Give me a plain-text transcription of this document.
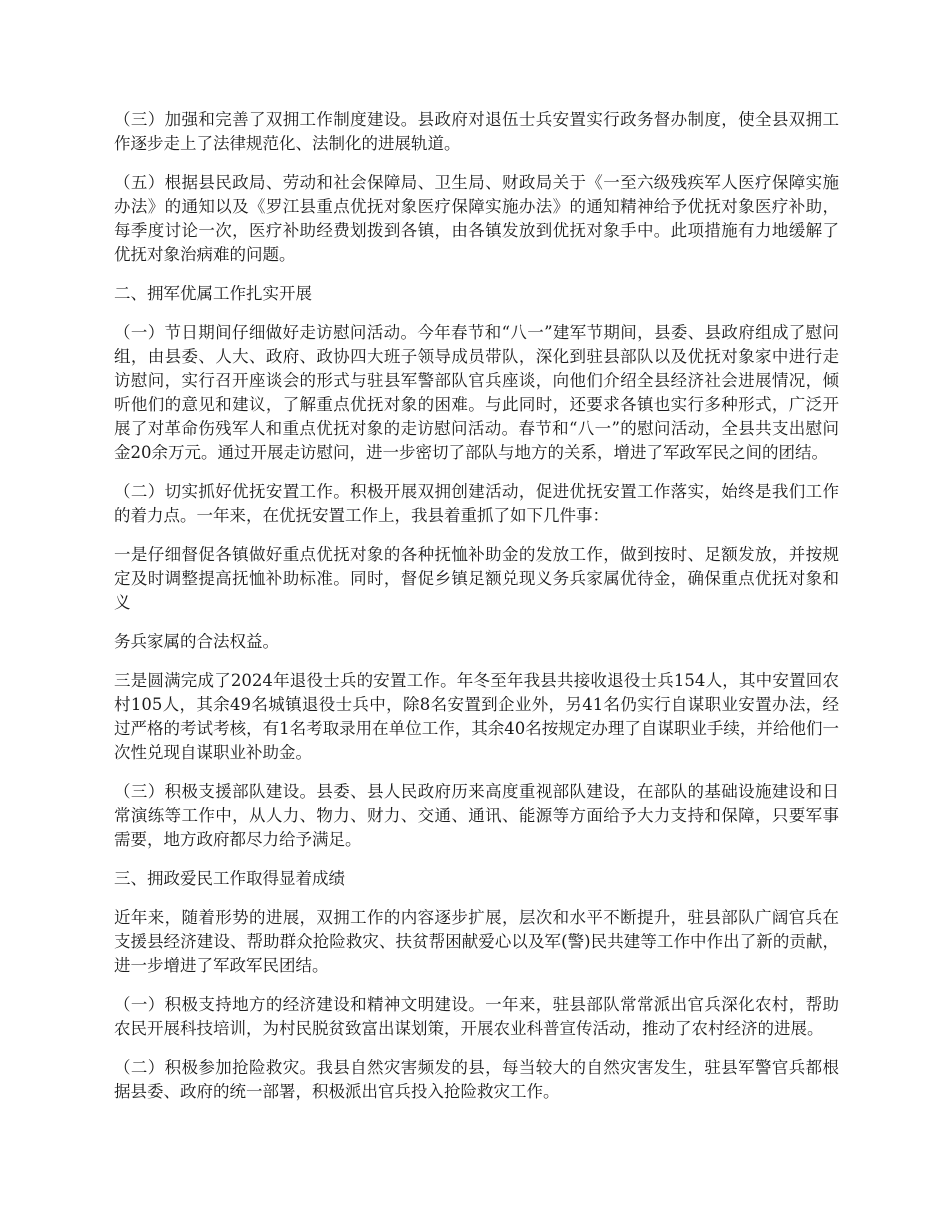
（三）加强和完善了双拥工作制度建设。县政府对退伍士兵安置实行政务督办制度，使全县双拥工作逐步走上了法律规范化、法制化的进展轨道。

（五）根据县民政局、劳动和社会保障局、卫生局、财政局关于《一至六级残疾军人医疗保障实施办法》的通知以及《罗江县重点优抚对象医疗保障实施办法》的通知精神给予优抚对象医疗补助，每季度讨论一次，医疗补助经费划拨到各镇，由各镇发放到优抚对象手中。此项措施有力地缓解了优抚对象治病难的问题。

二、拥军优属工作扎实开展

（一）节日期间仔细做好走访慰问活动。今年春节和“八一”建军节期间，县委、县政府组成了慰问组，由县委、人大、政府、政协四大班子领导成员带队，深化到驻县部队以及优抚对象家中进行走访慰问，实行召开座谈会的形式与驻县军警部队官兵座谈，向他们介绍全县经济社会进展情况，倾听他们的意见和建议，了解重点优抚对象的困难。与此同时，还要求各镇也实行多种形式，广泛开展了对革命伤残军人和重点优抚对象的走访慰问活动。春节和“八一”的慰问活动，全县共支出慰问金20余万元。通过开展走访慰问，进一步密切了部队与地方的关系，增进了军政军民之间的团结。

（二）切实抓好优抚安置工作。积极开展双拥创建活动，促进优抚安置工作落实，始终是我们工作的着力点。一年来，在优抚安置工作上，我县着重抓了如下几件事：

一是仔细督促各镇做好重点优抚对象的各种抚恤补助金的发放工作，做到按时、足额发放，并按规定及时调整提高抚恤补助标准。同时，督促乡镇足额兑现义务兵家属优待金，确保重点优抚对象和义

务兵家属的合法权益。

三是圆满完成了2024年退役士兵的安置工作。年冬至年我县共接收退役士兵154人，其中安置回农村105人，其余49名城镇退役士兵中，除8名安置到企业外，另41名仍实行自谋职业安置办法，经过严格的考试考核，有1名考取录用在单位工作，其余40名按规定办理了自谋职业手续，并给他们一次性兑现自谋职业补助金。

（三）积极支援部队建设。县委、县人民政府历来高度重视部队建设，在部队的基础设施建设和日常演练等工作中，从人力、物力、财力、交通、通讯、能源等方面给予大力支持和保障，只要军事需要，地方政府都尽力给予满足。

三、拥政爱民工作取得显着成绩

近年来，随着形势的进展，双拥工作的内容逐步扩展，层次和水平不断提升，驻县部队广阔官兵在支援县经济建设、帮助群众抢险救灾、扶贫帮困献爱心以及军(警)民共建等工作中作出了新的贡献，进一步增进了军政军民团结。

（一）积极支持地方的经济建设和精神文明建设。一年来，驻县部队常常派出官兵深化农村，帮助农民开展科技培训，为村民脱贫致富出谋划策，开展农业科普宣传活动，推动了农村经济的进展。

（二）积极参加抢险救灾。我县自然灾害频发的县，每当较大的自然灾害发生，驻县军警官兵都根据县委、政府的统一部署，积极派出官兵投入抢险救灾工作。
